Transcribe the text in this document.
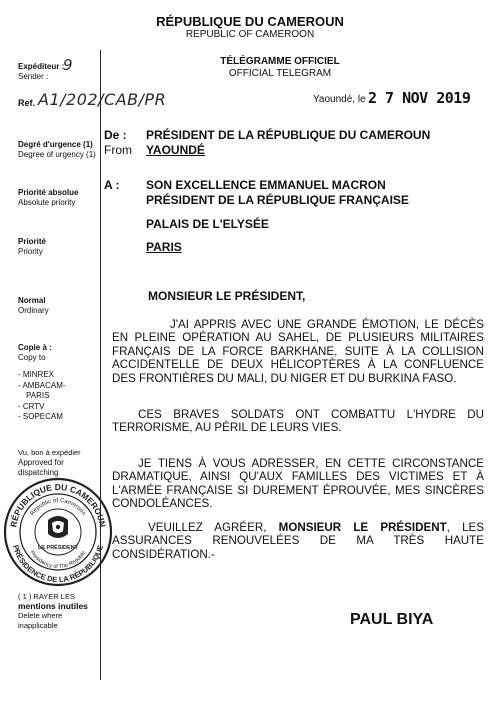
RÉPUBLIQUE DU CAMEROUN
REPUBLIC OF CAMEROON
Expéditeur :
Sender :
9
Ref. A1/202/CAB/PR
Degré d'urgence (1)
Degree of urgency (1)
Priorité absolue
Absolute priority
Priorité
Priority
Normal
Ordinary
Copie à :
Copy to
- MINREX
- AMBACAM-
PARIS
- CRTV
- SOPECAM
Vu, bon à expédier
Approved for
dispatching
RÉPUBLIQUE DU CAMEROUN
PRÉSIDENCE DE LA RÉPUBLIQUE
Republic of Cameroon
Presidency of The Republic
LE PRÉSIDENT
( 1 ) RAYER LES
mentions inutiles
Delete where
inapplicable
TÉLÉGRAMME OFFICIEL
OFFICIAL TELEGRAM
Yaoundé, le 2 7 NOV 2019
De :
From
PRÉSIDENT DE LA RÉPUBLIQUE DU CAMEROUN
YAOUNDÉ
A : SON EXCELLENCE EMMANUEL MACRON
PRÉSIDENT DE LA RÉPUBLIQUE FRANÇAISE
PALAIS DE L'ELYSÉE
PARIS
MONSIEUR LE PRÉSIDENT,
J'AI APPRIS AVEC UNE GRANDE ÉMOTION, LE DÉCÈS EN PLEINE OPÉRATION AU SAHEL, DE PLUSIEURS MILITAIRES FRANÇAIS DE LA FORCE BARKHANE, SUITE À LA COLLISION ACCIDENTELLE DE DEUX HÉLICOPTÈRES À LA CONFLUENCE DES FRONTIÈRES DU MALI, DU NIGER ET DU BURKINA FASO.
CES BRAVES SOLDATS ONT COMBATTU L'HYDRE DU TERRORISME, AU PÉRIL DE LEURS VIES.
JE TIENS À VOUS ADRESSER, EN CETTE CIRCONSTANCE DRAMATIQUE, AINSI QU'AUX FAMILLES DES VICTIMES ET À L'ARMÉE FRANÇAISE SI DUREMENT ÉPROUVÉE, MES SINCÈRES CONDOLÉANCES.
VEUILLEZ AGRÉER, MONSIEUR LE PRÉSIDENT, LES ASSURANCES RENOUVELÉES DE MA TRÈS HAUTE CONSIDÉRATION.-
PAUL BIYA
